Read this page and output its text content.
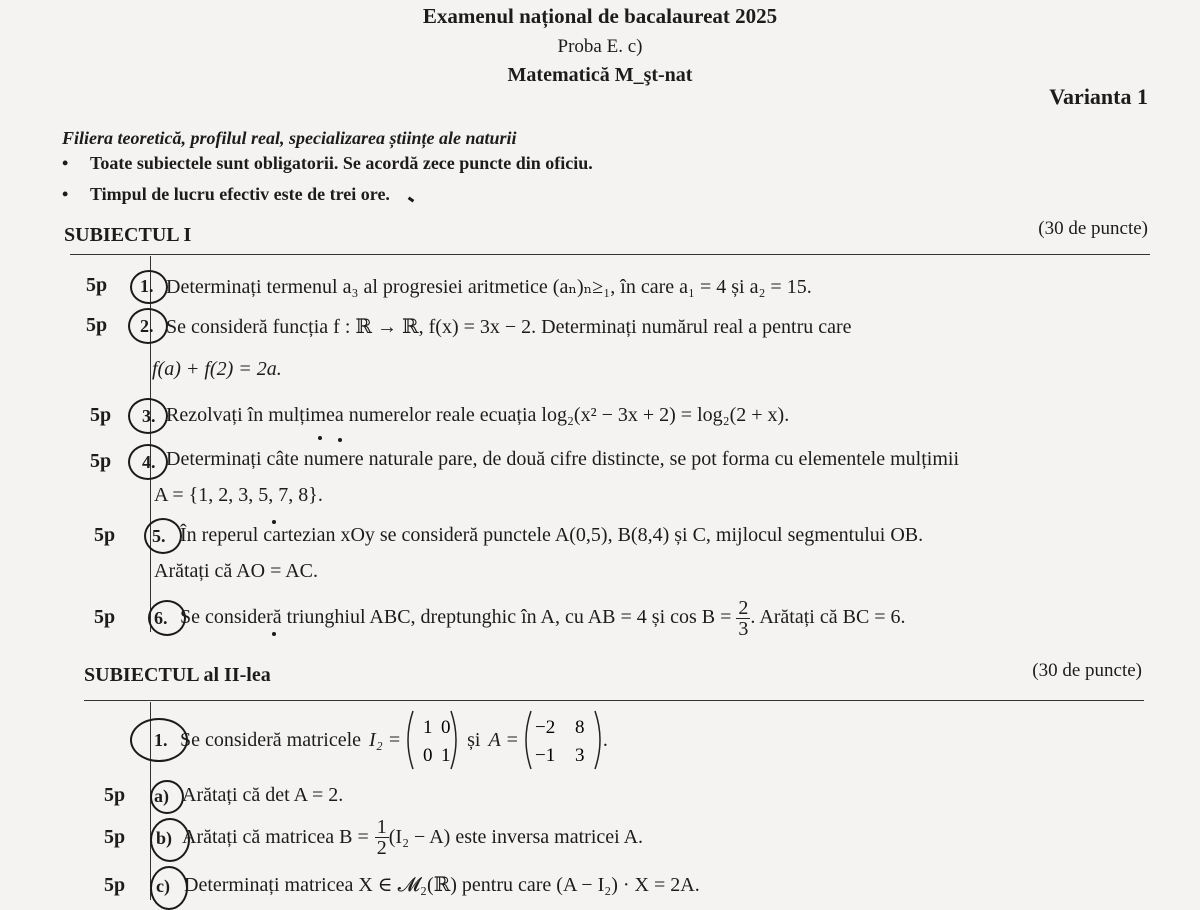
Examenul național de bacalaureat 2025
Proba E. c)
Matematică M_şt-nat
Varianta 1
Filiera teoretică, profilul real, specializarea științe ale naturii
• Toate subiectele sunt obligatorii. Se acordă zece puncte din oficiu.
• Timpul de lucru efectiv este de trei ore.
SUBIECTUL I	(30 de puncte)
5p 1. Determinați termenul a₃ al progresiei aritmetice (aₙ)ₙ≥₁, în care a₁ = 4 și a₂ = 15.
5p 2. Se consideră funcția f : ℝ → ℝ, f(x) = 3x − 2. Determinați numărul real a pentru care
f(a) + f(2) = 2a.
5p 3. Rezolvați în mulțimea numerelor reale ecuația log₂(x² − 3x + 2) = log₂(2 + x).
5p 4. Determinați câte numere naturale pare, de două cifre distincte, se pot forma cu elementele mulțimii
A = {1, 2, 3, 5, 7, 8}.
5p 5. În reperul cartezian xOy se consideră punctele A(0,5), B(8,4) și C, mijlocul segmentului OB.
Arătați că AO = AC.
5p 6. Se consideră triunghiul ABC, dreptunghic în A, cu AB = 4 și $\cos B = \frac{2}{3}$ . Arătați că BC = 6.
SUBIECTUL al II-lea	(30 de puncte)
1. Se consideră matricele I₂ =
1 0
0 1
și A =
−2 8
−1 3
.
5p a) Arătați că det A = 2.
5p b) Arătați că matricea $B = \frac{1}{2} (I_2 - A)$ este inversa matricei A.
5p c) Determinați matricea X ∈ 𝓜₂(ℝ) pentru care (A − I₂) · X = 2A.
